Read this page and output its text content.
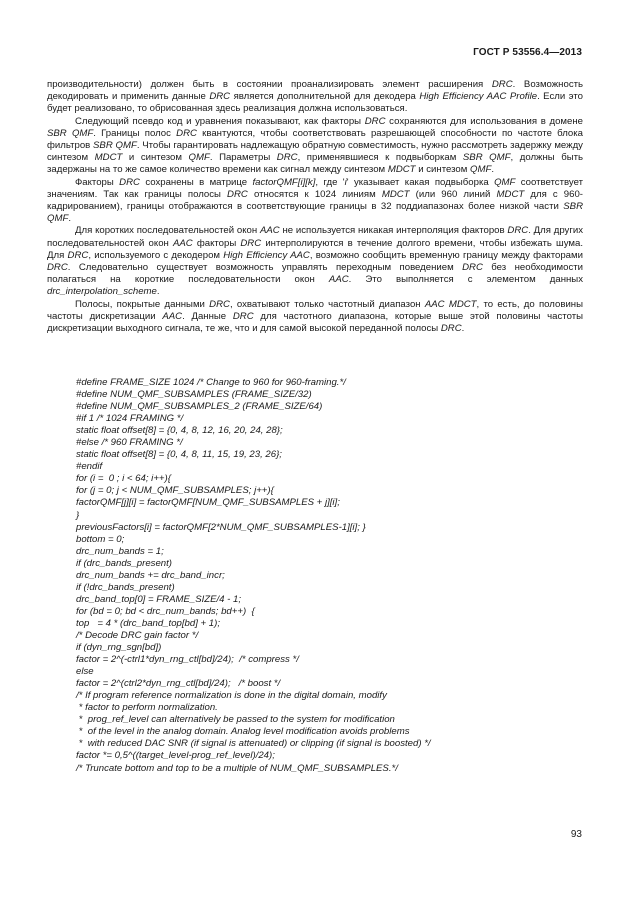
ГОСТ Р 53556.4—2013

производительности) должен быть в состоянии проанализировать элемент расширения DRC. Возможность декодировать и применить данные DRC является дополнительной для декодера High Efficiency AAC Profile. Если это будет реализовано, то обрисованная здесь реализация должна использоваться.

Следующий псевдо код и уравнения показывают, как факторы DRC сохраняются для использования в домене SBR QMF. Границы полос DRC квантуются, чтобы соответствовать разрешающей способности по частоте блока фильтров SBR QMF. Чтобы гарантировать надлежащую обратную совместимость, нужно рассмотреть задержку между синтезом MDCT и синтезом QMF. Параметры DRC, применявшиеся к подвыборкам SBR QMF, должны быть задержаны на то же самое количество времени как сигнал между синтезом MDCT и синтезом QMF.

Факторы DRC сохранены в матрице factorQMF[i][k], где 'i' указывает какая подвыборка QMF соответствует значениям. Так как границы полосы DRC относятся к 1024 линиям MDCT (или 960 линий MDCT для с 960-кадрированием), границы отображаются в соответствующие границы в 32 поддиапазонах более низкой части SBR QMF.

Для коротких последовательностей окон AAC не используется никакая интерполяция факторов DRC. Для других последовательностей окон AAC факторы DRC интерполируются в течение долгого времени, чтобы избежать шума. Для DRC, используемого с декодером High Efficiency AAC, возможно сообщить временную границу между факторами DRC. Следовательно существует возможность управлять переходным поведением DRC без необходимости полагаться на короткие последовательности окон AAC. Это выполняется с элементом данных drc_interpolation_scheme.

Полосы, покрытые данными DRC, охватывают только частотный диапазон AAC MDCT, то есть, до половины частоты дискретизации AAC. Данные DRC для частотного диапазона, которые выше этой половины частоты дискретизации выходного сигнала, те же, что и для самой высокой переданной полосы DRC.

#define FRAME_SIZE 1024 /* Change to 960 for 960-framing.*/
#define NUM_QMF_SUBSAMPLES (FRAME_SIZE/32)
#define NUM_QMF_SUBSAMPLES_2 (FRAME_SIZE/64)
#if 1 /* 1024 FRAMING */
static float offset[8] = {0, 4, 8, 12, 16, 20, 24, 28};
#else /* 960 FRAMING */
static float offset[8] = {0, 4, 8, 11, 15, 19, 23, 26};
#endif
for (i =  0 ; i < 64; i++){
for (j = 0; j < NUM_QMF_SUBSAMPLES; j++){
factorQMF[j][i] = factorQMF[NUM_QMF_SUBSAMPLES + j][i];
}
previousFactors[i] = factorQMF[2*NUM_QMF_SUBSAMPLES-1][i]; }
bottom = 0;
drc_num_bands = 1;
if (drc_bands_present)
drc_num_bands += drc_band_incr;
if (!drc_bands_present)
drc_band_top[0] = FRAME_SIZE/4 - 1;
for (bd = 0; bd < drc_num_bands; bd++)  {
top   = 4 * (drc_band_top[bd] + 1);
/* Decode DRC gain factor */
if (dyn_rng_sgn[bd])
factor = 2^(-ctrl1*dyn_rng_ctl[bd]/24);  /* compress */
else
factor = 2^(ctrl2*dyn_rng_ctl[bd]/24);   /* boost */
/* If program reference normalization is done in the digital domain, modify
* factor to perform normalization.
*  prog_ref_level can alternatively be passed to the system for modification
*  of the level in the analog domain. Analog level modification avoids problems
*  with reduced DAC SNR (if signal is attenuated) or clipping (if signal is boosted) */
factor *= 0,5^((target_level-prog_ref_level)/24);
/* Truncate bottom and top to be a multiple of NUM_QMF_SUBSAMPLES.*/
93
